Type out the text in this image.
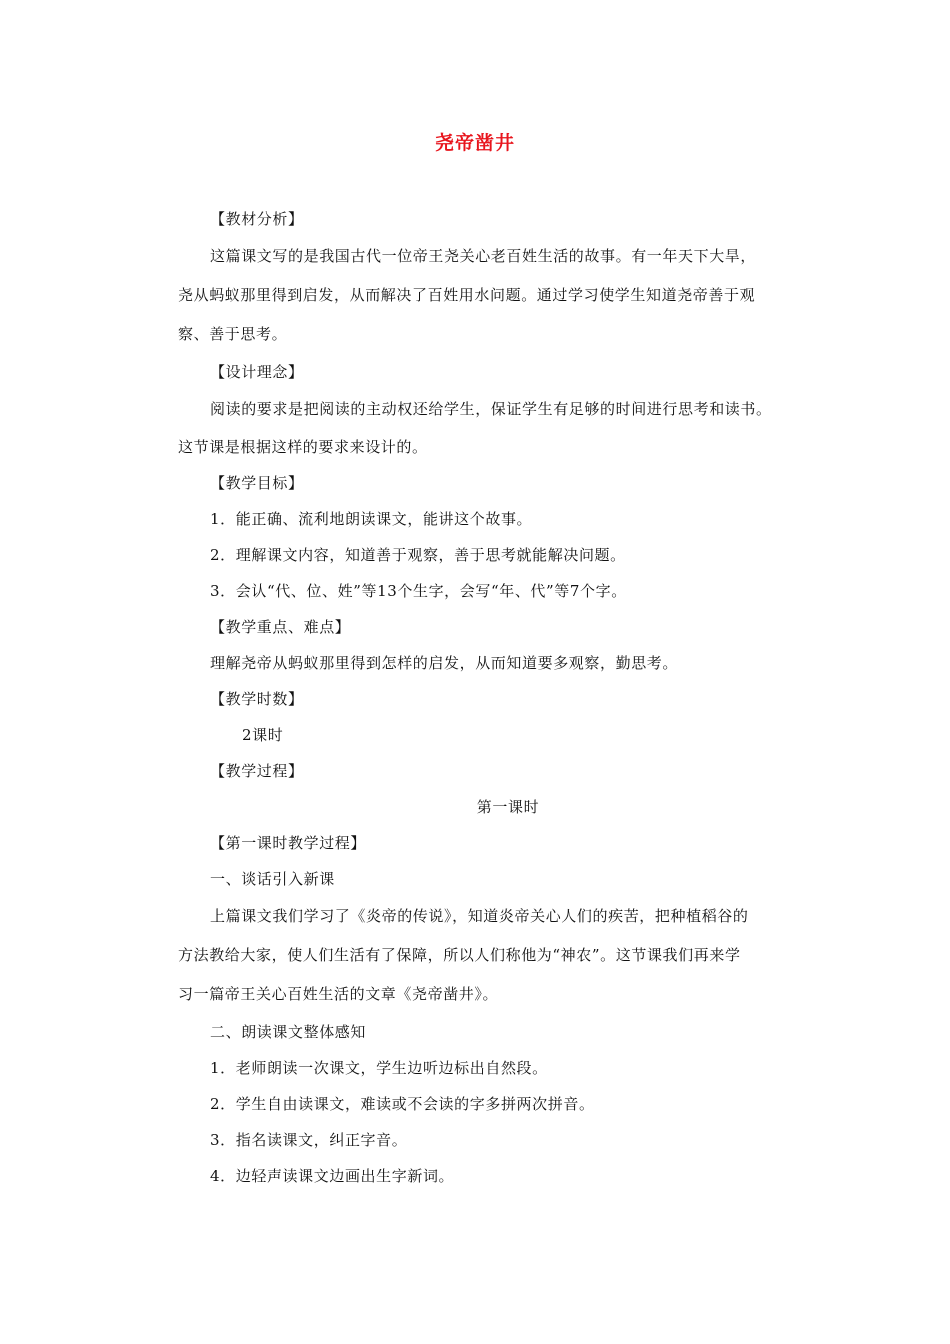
尧帝凿井
【教材分析】
这篇课文写的是我国古代一位帝王尧关心老百姓生活的故事。有一年天下大旱，
尧从蚂蚁那里得到启发，从而解决了百姓用水问题。通过学习使学生知道尧帝善于观
察、善于思考。
【设计理念】
阅读的要求是把阅读的主动权还给学生，保证学生有足够的时间进行思考和读书。
这节课是根据这样的要求来设计的。
【教学目标】
1．能正确、流利地朗读课文，能讲这个故事。
2．理解课文内容，知道善于观察，善于思考就能解决问题。
3．会认“代、位、姓”等13个生字，会写“年、代”等7个字。
【教学重点、难点】
理解尧帝从蚂蚁那里得到怎样的启发，从而知道要多观察，勤思考。
【教学时数】
2课时
【教学过程】
第一课时
【第一课时教学过程】
一、谈话引入新课
上篇课文我们学习了《炎帝的传说》，知道炎帝关心人们的疾苦，把种植稻谷的
方法教给大家，使人们生活有了保障，所以人们称他为“神农”。这节课我们再来学
习一篇帝王关心百姓生活的文章《尧帝凿井》。
二、朗读课文整体感知
1．老师朗读一次课文，学生边听边标出自然段。
2．学生自由读课文，难读或不会读的字多拼两次拼音。
3．指名读课文，纠正字音。
4．边轻声读课文边画出生字新词。
